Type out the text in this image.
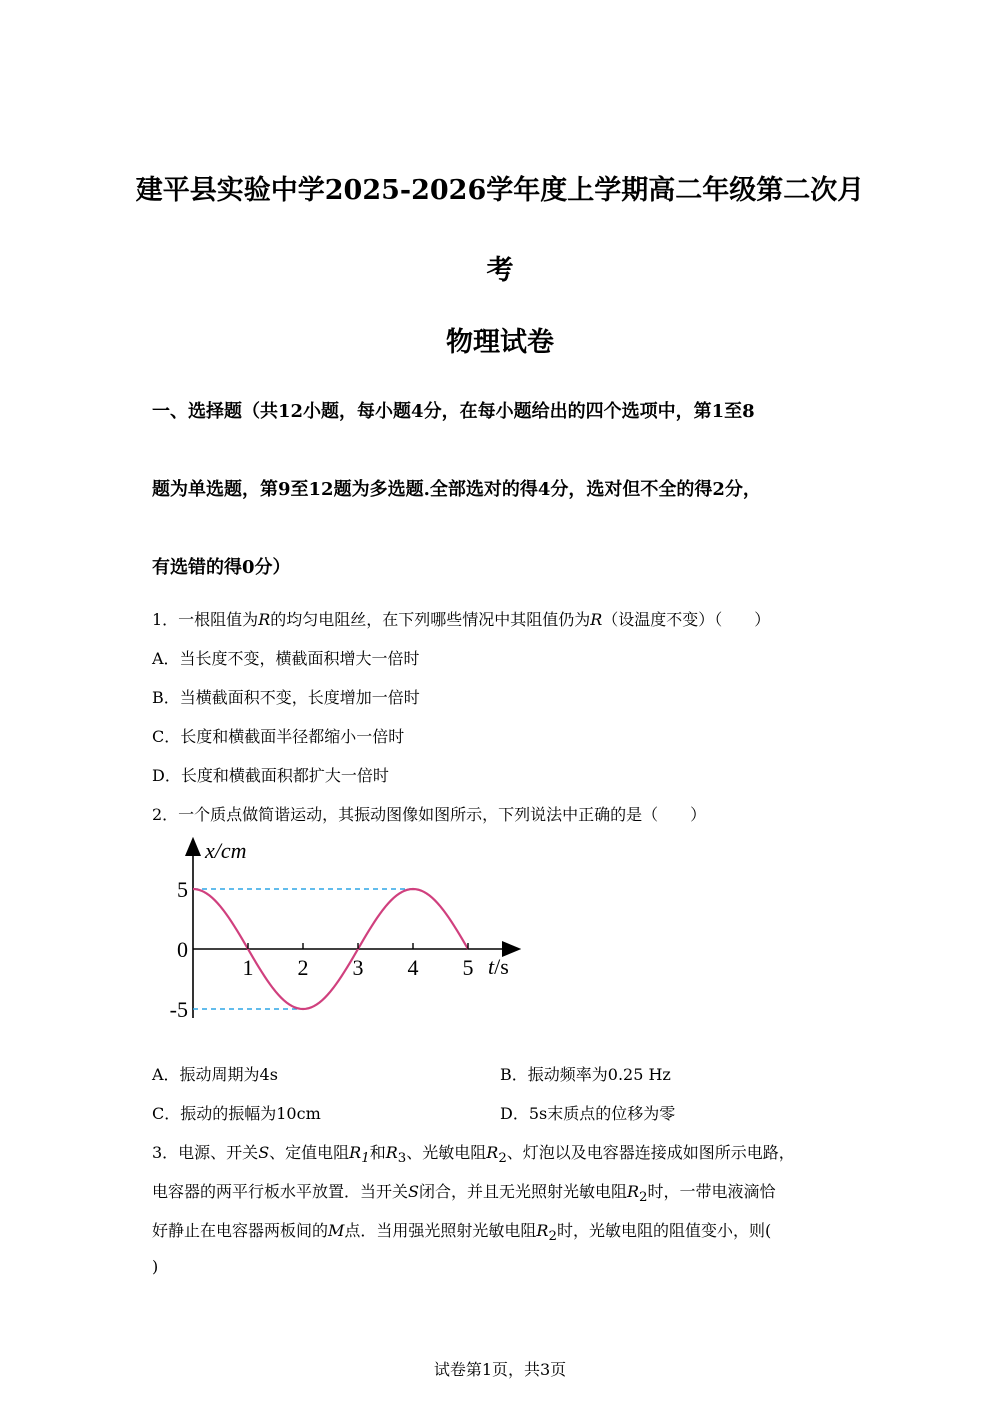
建平县实验中学2025-2026学年度上学期高二年级第二次月
考
物理试卷
一、选择题（共12小题，每小题4分，在每小题给出的四个选项中，第1至8
题为单选题，第9至12题为多选题.全部选对的得4分，选对但不全的得2分，
有选错的得0分）
1．一根阻值为R的均匀电阻丝，在下列哪些情况中其阻值仍为R（设温度不变）（　　）
A．当长度不变，横截面积增大一倍时
B．当横截面积不变，长度增加一倍时
C．长度和横截面半径都缩小一倍时
D．长度和横截面积都扩大一倍时
2．一个质点做简谐运动，其振动图像如图所示，下列说法中正确的是（　　）
1 2 3 4 5
5
0
-5
x/cm
t/s
A．振动周期为4s	B．振动频率为0.25 Hz
C．振动的振幅为10cm	D．5s末质点的位移为零
3．电源、开关S、定值电阻$R_1$和$R_3$、光敏电阻$R_2$、灯泡以及电容器连接成如图所示电路，
电容器的两平行板水平放置．当开关S闭合，并且无光照射光敏电阻$R_2$时，一带电液滴恰
好静止在电容器两板间的M点．当用强光照射光敏电阻$R_2$时，光敏电阻的阻值变小，则(
)
试卷第1页，共3页
